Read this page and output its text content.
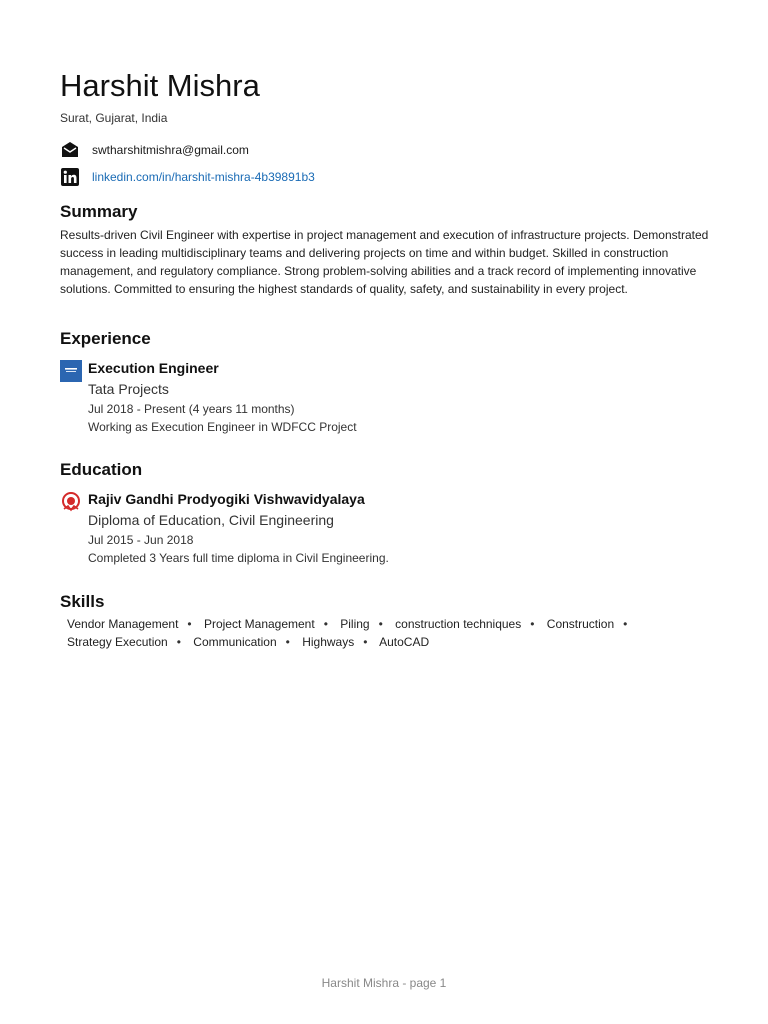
Harshit Mishra
Surat, Gujarat, India
swtharshitmishra@gmail.com
linkedin.com/in/harshit-mishra-4b39891b3
Summary
Results-driven Civil Engineer with expertise in project management and execution of infrastructure projects. Demonstrated success in leading multidisciplinary teams and delivering projects on time and within budget. Skilled in construction management, and regulatory compliance. Strong problem-solving abilities and a track record of implementing innovative solutions. Committed to ensuring the highest standards of quality, safety, and sustainability in every project.
Experience
Execution Engineer
Tata Projects
Jul 2018 - Present (4 years 11 months)
Working as Execution Engineer in WDFCC Project
Education
Rajiv Gandhi Prodyogiki Vishwavidyalaya
Diploma of Education, Civil Engineering
Jul 2015 - Jun 2018
Completed 3 Years full time diploma in Civil Engineering.
Skills
Vendor Management • Project Management • Piling • construction techniques • Construction •
Strategy Execution • Communication • Highways • AutoCAD
Harshit Mishra - page 1
